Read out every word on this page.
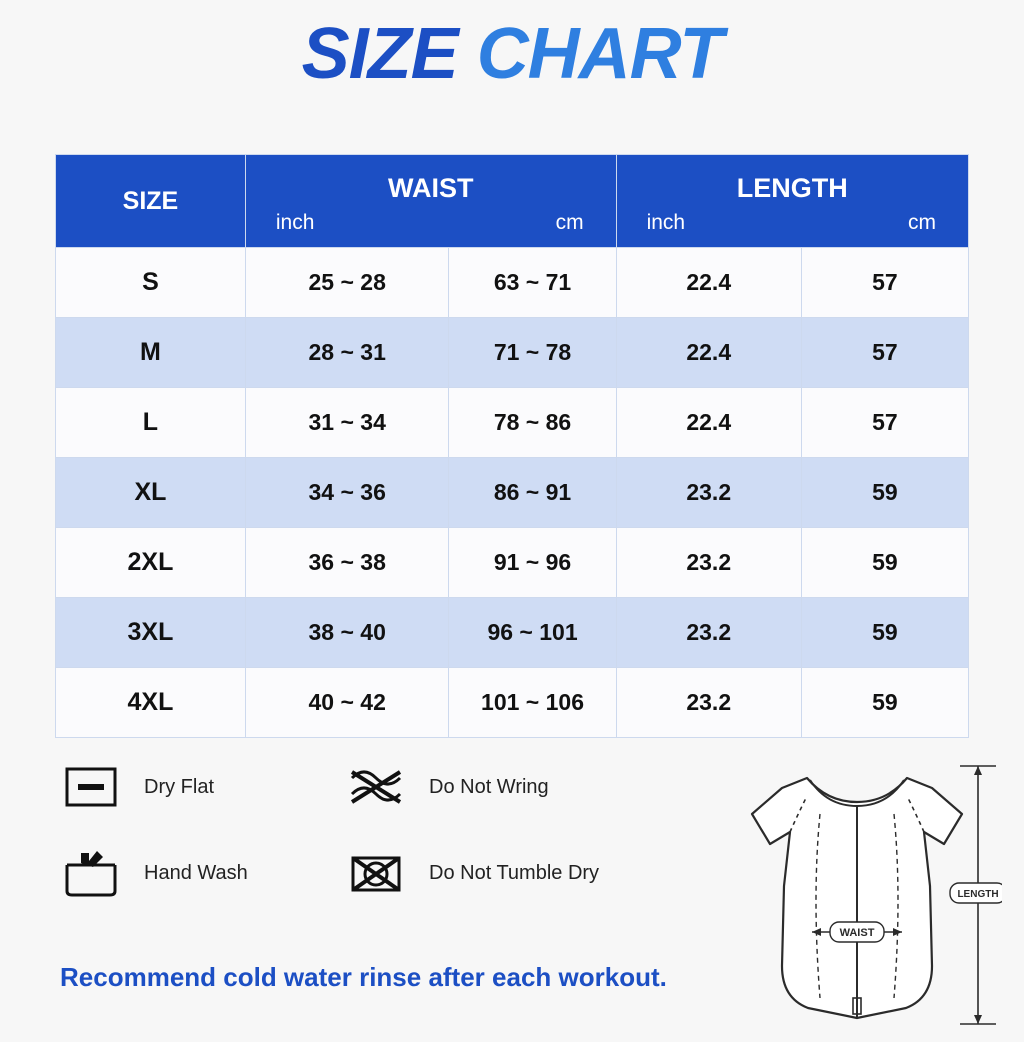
SIZE CHART
SIZE	WAIST
inch	cm

LENGTH
inch	cm

S	25 ~ 28	63 ~ 71	22.4	57
M	28 ~ 31	71 ~ 78	22.4	57
L	31 ~ 34	78 ~ 86	22.4	57
XL	34 ~ 36	86 ~ 91	23.2	59
2XL	36 ~ 38	91 ~ 96	23.2	59
3XL	38 ~ 40	96 ~ 101	23.2	59
4XL	40 ~ 42	101 ~ 106	23.2	59
Dry Flat	Do Not Wring
Hand Wash	Do Not Tumble Dry
Recommend cold water rinse after each workout.
WAIST
LENGTH
